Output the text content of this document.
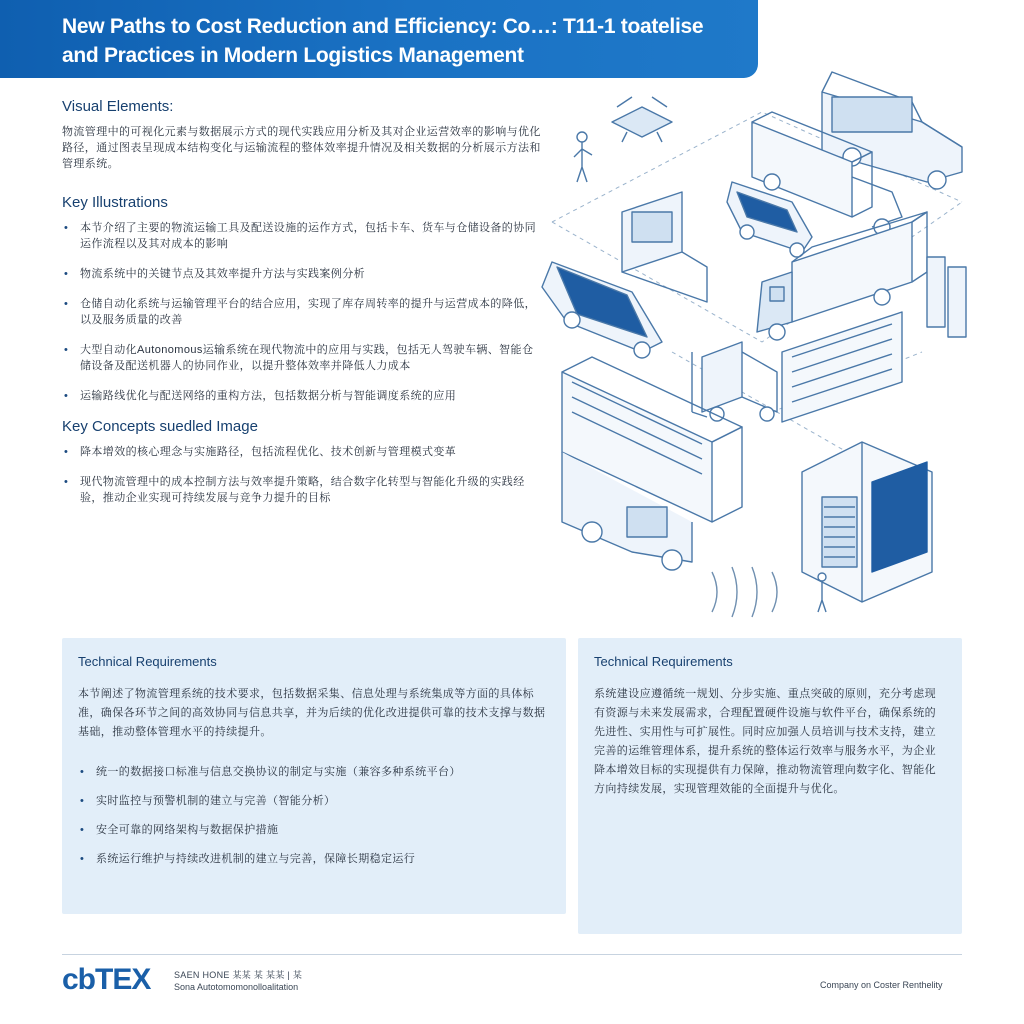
New Paths to Cost Reduction and Efficiency: Co…: T11-1 toatelise
and Practices in Modern Logistics Management
Visual Elements:

物流管理中的可视化元素与数据展示方式的现代实践应用分析及其对企业运营效率的影响与优化路径，通过图表呈现成本结构变化与运输流程的整体效率提升情况及相关数据的分析展示方法和管理系统。

Key Illustrations
• 本节介绍了主要的物流运输工具及配送设施的运作方式，包括卡车、货车与仓储设备的协同运作流程以及其对成本的影响
• 物流系统中的关键节点及其效率提升方法与实践案例分析
• 仓储自动化系统与运输管理平台的结合应用，实现了库存周转率的提升与运营成本的降低，以及服务质量的改善
• 大型自动化Autonomous运输系统在现代物流中的应用与实践，包括无人驾驶车辆、智能仓储设备及配送机器人的协同作业，以提升整体效率并降低人力成本
• 运输路线优化与配送网络的重构方法，包括数据分析与智能调度系统的应用
Key Concepts suedled Image
• 降本增效的核心理念与实施路径，包括流程优化、技术创新与管理模式变革
• 现代物流管理中的成本控制方法与效率提升策略，结合数字化转型与智能化升级的实践经验，推动企业实现可持续发展与竞争力提升的目标
Technical Requirements

本节阐述了物流管理系统的技术要求，包括数据采集、信息处理与系统集成等方面的具体标准，确保各环节之间的高效协同与信息共享，并为后续的优化改进提供可靠的技术支撑与数据基础，推动整体管理水平的持续提升。

• 统一的数据接口标准与信息交换协议的制定与实施（兼容多种系统平台）
• 实时监控与预警机制的建立与完善（智能分析）
• 安全可靠的网络架构与数据保护措施
• 系统运行维护与持续改进机制的建立与完善，保障长期稳定运行
Technical Requirements

系统建设应遵循统一规划、分步实施、重点突破的原则，充分考虑现有资源与未来发展需求，合理配置硬件设施与软件平台，确保系统的先进性、实用性与可扩展性。同时应加强人员培训与技术支持，建立完善的运维管理体系，提升系统的整体运行效率与服务水平，为企业降本增效目标的实现提供有力保障，推动物流管理向数字化、智能化方向持续发展，实现管理效能的全面提升与优化。

cbTEX	SAEN HONE 某某 某 某某 | 某
Sona Autotomomonolloalitation	Company on Coster Renthelity
